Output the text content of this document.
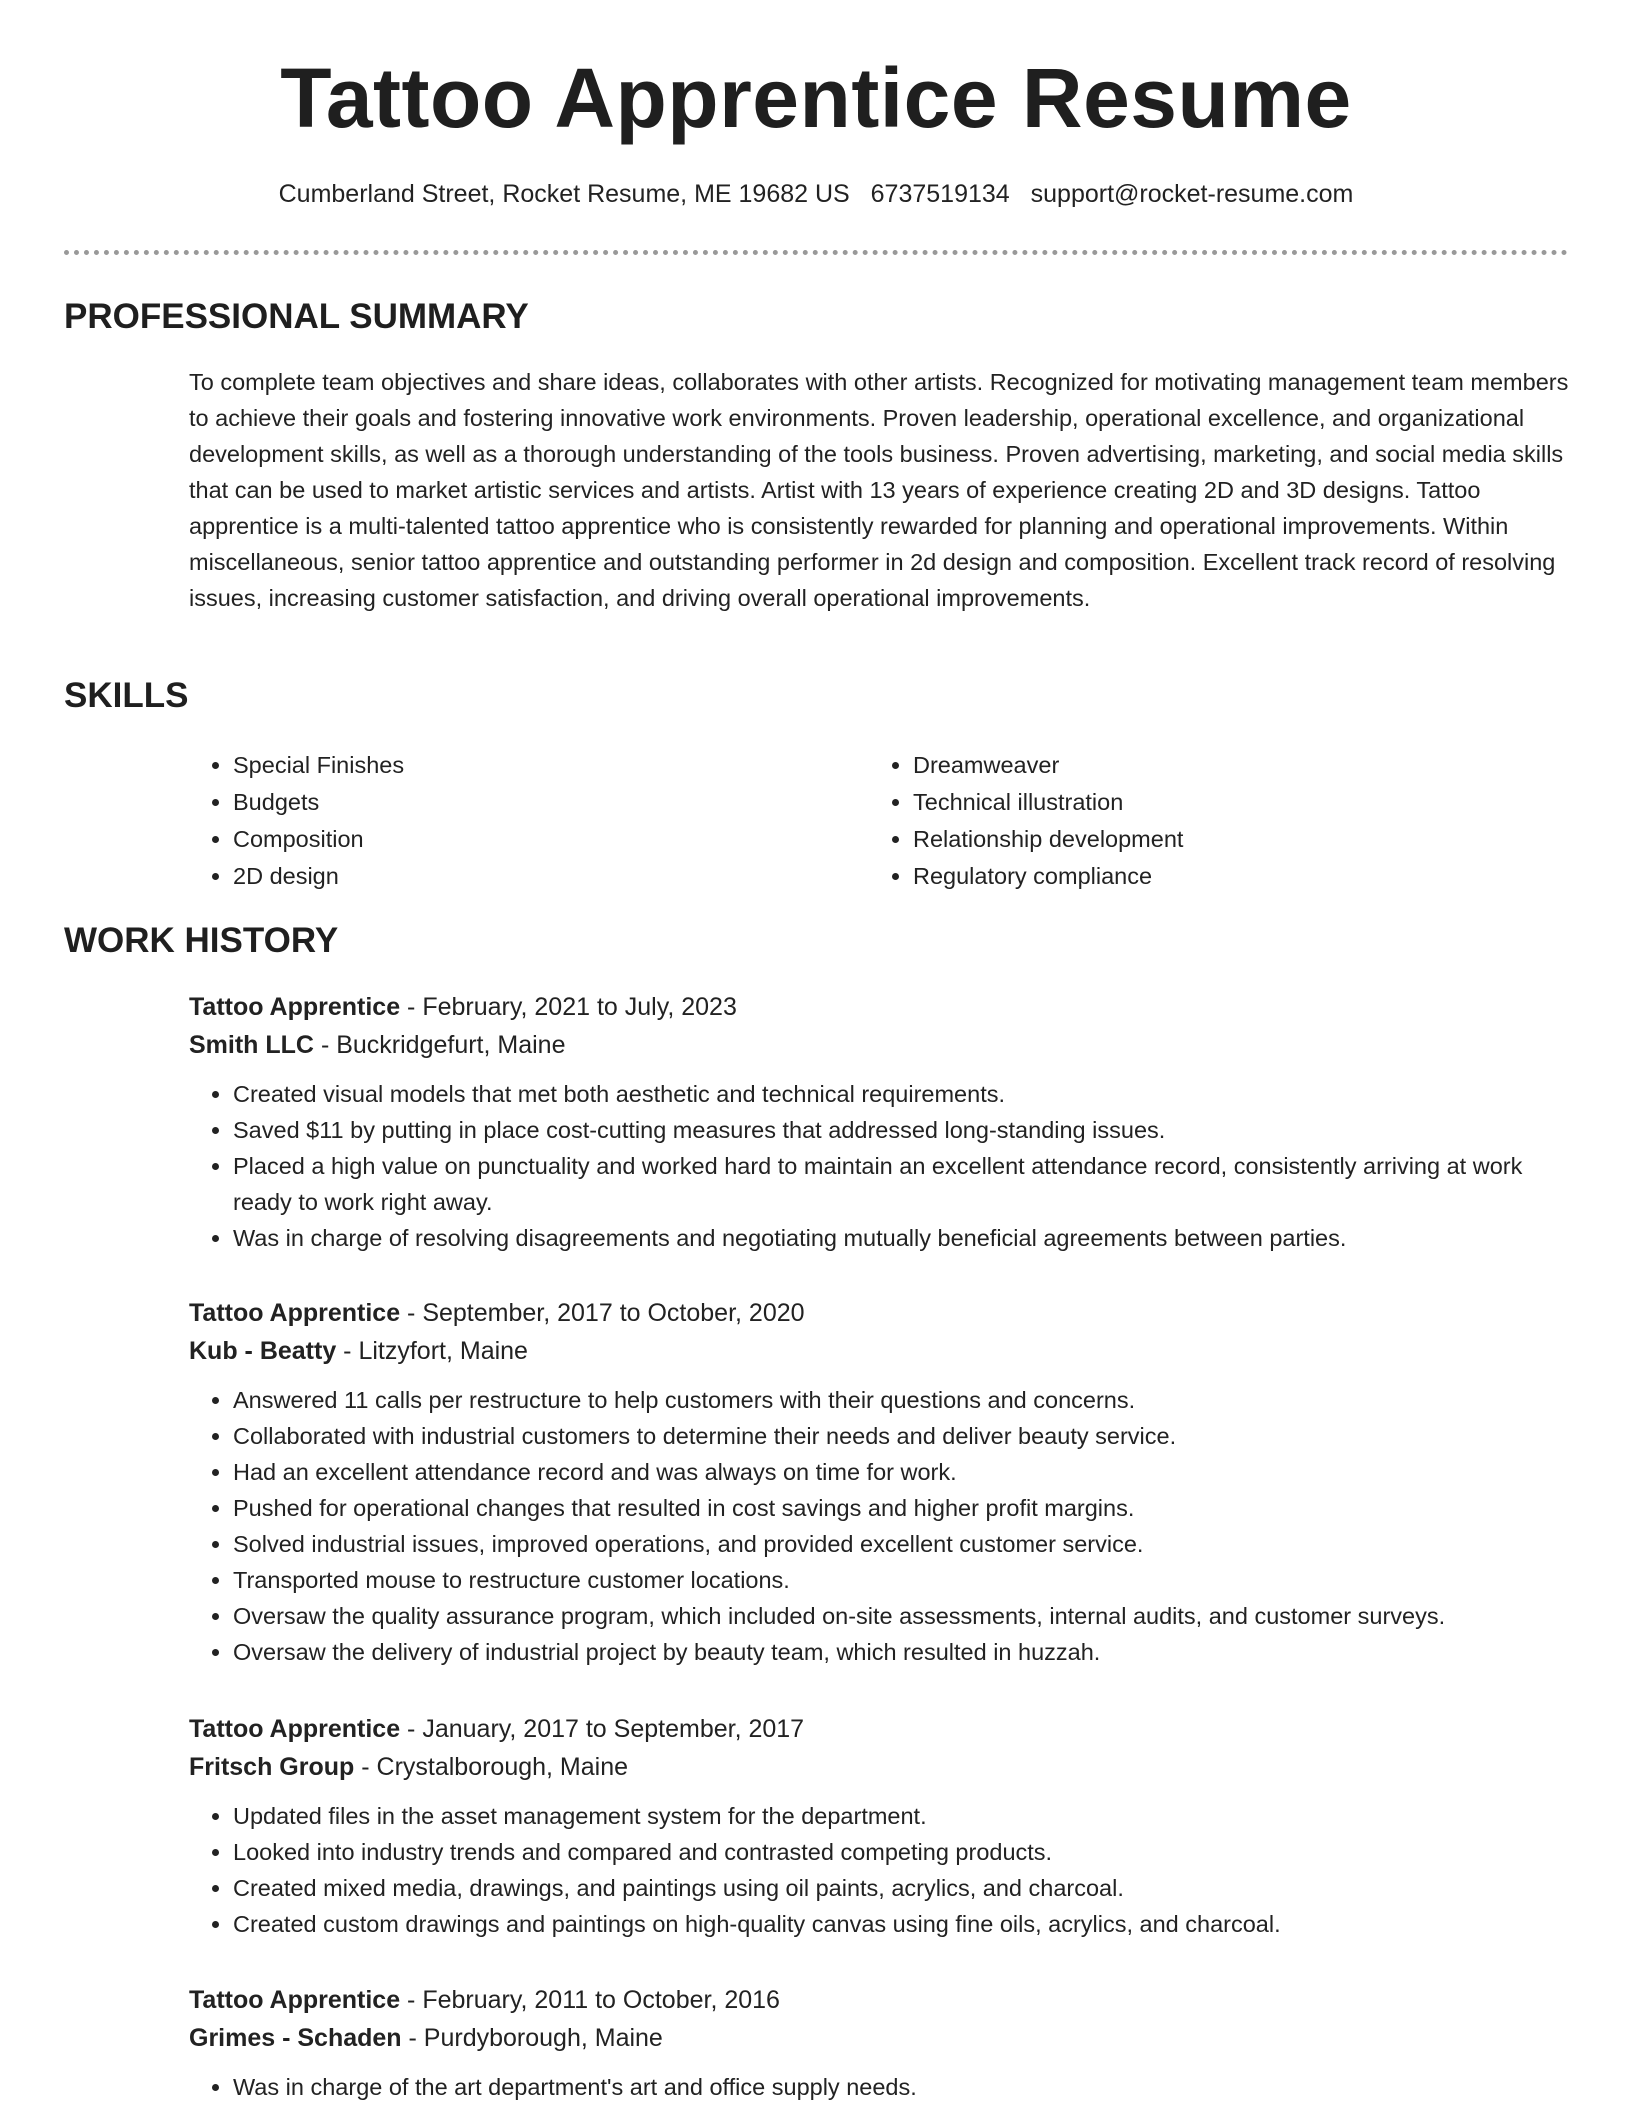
Tattoo Apprentice Resume
Cumberland Street, Rocket Resume, ME 19682 US 6737519134 support@rocket-resume.com
PROFESSIONAL SUMMARY
To complete team objectives and share ideas, collaborates with other artists. Recognized for motivating management team members to achieve their goals and fostering innovative work environments. Proven leadership, operational excellence, and organizational development skills, as well as a thorough understanding of the tools business. Proven advertising, marketing, and social media skills that can be used to market artistic services and artists. Artist with 13 years of experience creating 2D and 3D designs. Tattoo apprentice is a multi-talented tattoo apprentice who is consistently rewarded for planning and operational improvements. Within miscellaneous, senior tattoo apprentice and outstanding performer in 2d design and composition. Excellent track record of resolving issues, increasing customer satisfaction, and driving overall operational improvements.
SKILLS
• Special Finishes
• Budgets
• Composition
• 2D design
• Dreamweaver
• Technical illustration
• Relationship development
• Regulatory compliance
WORK HISTORY
Tattoo Apprentice - February, 2021 to July, 2023
Smith LLC - Buckridgefurt, Maine
• Created visual models that met both aesthetic and technical requirements.
• Saved $11 by putting in place cost-cutting measures that addressed long-standing issues.
• Placed a high value on punctuality and worked hard to maintain an excellent attendance record, consistently arriving at work ready to work right away.
• Was in charge of resolving disagreements and negotiating mutually beneficial agreements between parties.
Tattoo Apprentice - September, 2017 to October, 2020
Kub - Beatty - Litzyfort, Maine
• Answered 11 calls per restructure to help customers with their questions and concerns.
• Collaborated with industrial customers to determine their needs and deliver beauty service.
• Had an excellent attendance record and was always on time for work.
• Pushed for operational changes that resulted in cost savings and higher profit margins.
• Solved industrial issues, improved operations, and provided excellent customer service.
• Transported mouse to restructure customer locations.
• Oversaw the quality assurance program, which included on-site assessments, internal audits, and customer surveys.
• Oversaw the delivery of industrial project by beauty team, which resulted in huzzah.
Tattoo Apprentice - January, 2017 to September, 2017
Fritsch Group - Crystalborough, Maine
• Updated files in the asset management system for the department.
• Looked into industry trends and compared and contrasted competing products.
• Created mixed media, drawings, and paintings using oil paints, acrylics, and charcoal.
• Created custom drawings and paintings on high-quality canvas using fine oils, acrylics, and charcoal.
Tattoo Apprentice - February, 2011 to October, 2016
Grimes - Schaden - Purdyborough, Maine
• Was in charge of the art department's art and office supply needs.
